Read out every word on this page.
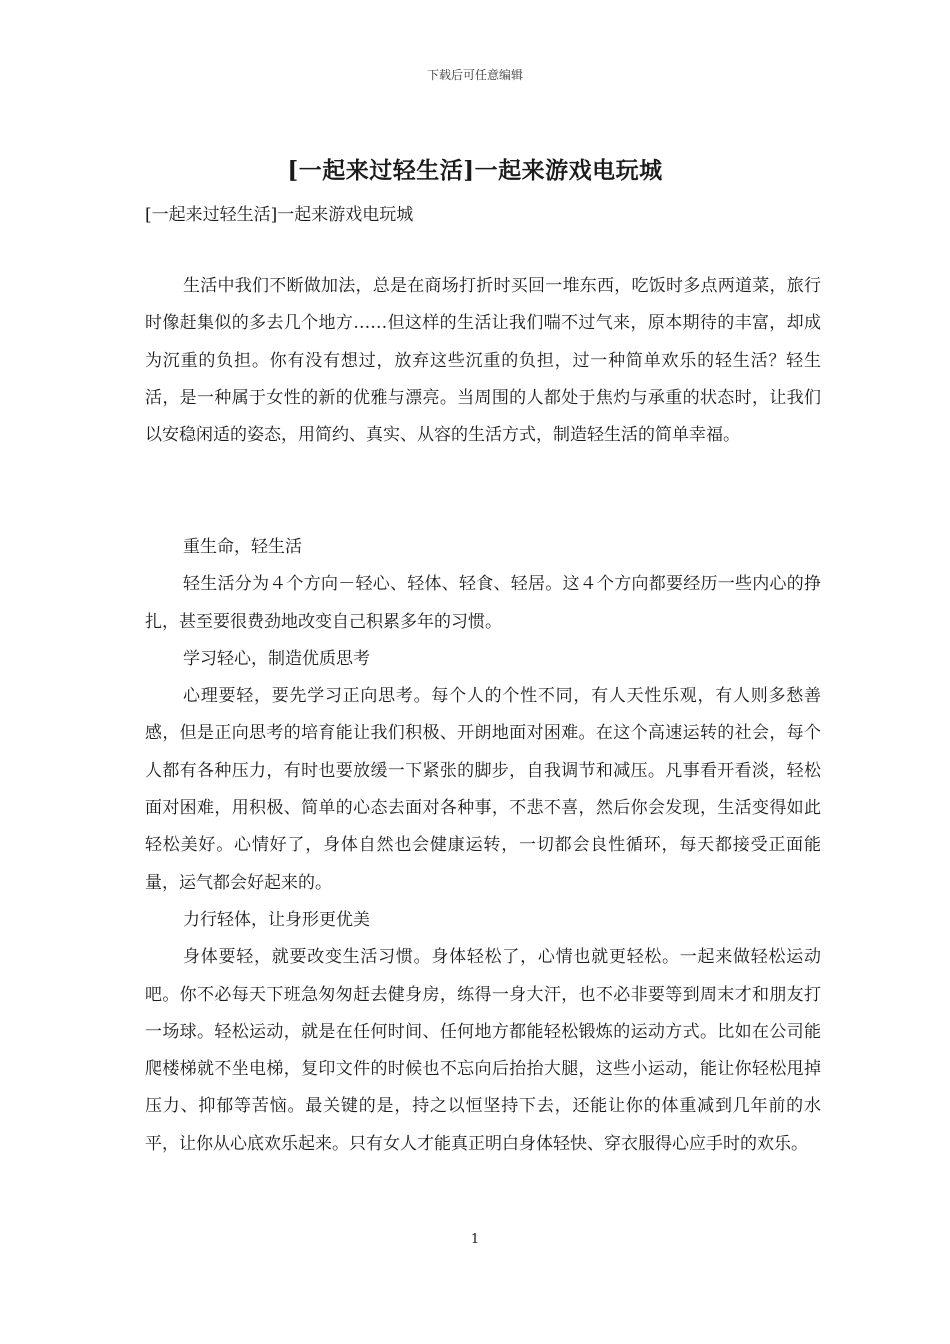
下载后可任意编辑
[一起来过轻生活]一起来游戏电玩城

[一起来过轻生活]一起来游戏电玩城

生活中我们不断做加法，总是在商场打折时买回一堆东西，吃饭时多点两道菜，旅行时像赶集似的多去几个地方……但这样的生活让我们喘不过气来，原本期待的丰富，却成为沉重的负担。你有没有想过，放弃这些沉重的负担，过一种简单欢乐的轻生活？轻生活，是一种属于女性的新的优雅与漂亮。当周围的人都处于焦灼与承重的状态时，让我们以安稳闲适的姿态，用简约、真实、从容的生活方式，制造轻生活的简单幸福。

重生命，轻生活

轻生活分为４个方向－轻心、轻体、轻食、轻居。这４个方向都要经历一些内心的挣扎，甚至要很费劲地改变自己积累多年的习惯。

学习轻心，制造优质思考

心理要轻，要先学习正向思考。每个人的个性不同，有人天性乐观，有人则多愁善感，但是正向思考的培育能让我们积极、开朗地面对困难。在这个高速运转的社会，每个人都有各种压力，有时也要放缓一下紧张的脚步，自我调节和减压。凡事看开看淡，轻松面对困难，用积极、简单的心态去面对各种事，不悲不喜，然后你会发现，生活变得如此轻松美好。心情好了，身体自然也会健康运转，一切都会良性循环，每天都接受正面能量，运气都会好起来的。

力行轻体，让身形更优美

身体要轻，就要改变生活习惯。身体轻松了，心情也就更轻松。一起来做轻松运动吧。你不必每天下班急匆匆赶去健身房，练得一身大汗，也不必非要等到周末才和朋友打一场球。轻松运动，就是在任何时间、任何地方都能轻松锻炼的运动方式。比如在公司能爬楼梯就不坐电梯，复印文件的时候也不忘向后抬抬大腿，这些小运动，能让你轻松甩掉压力、抑郁等苦恼。最关键的是，持之以恒坚持下去，还能让你的体重减到几年前的水平，让你从心底欢乐起来。只有女人才能真正明白身体轻快、穿衣服得心应手时的欢乐。

1
